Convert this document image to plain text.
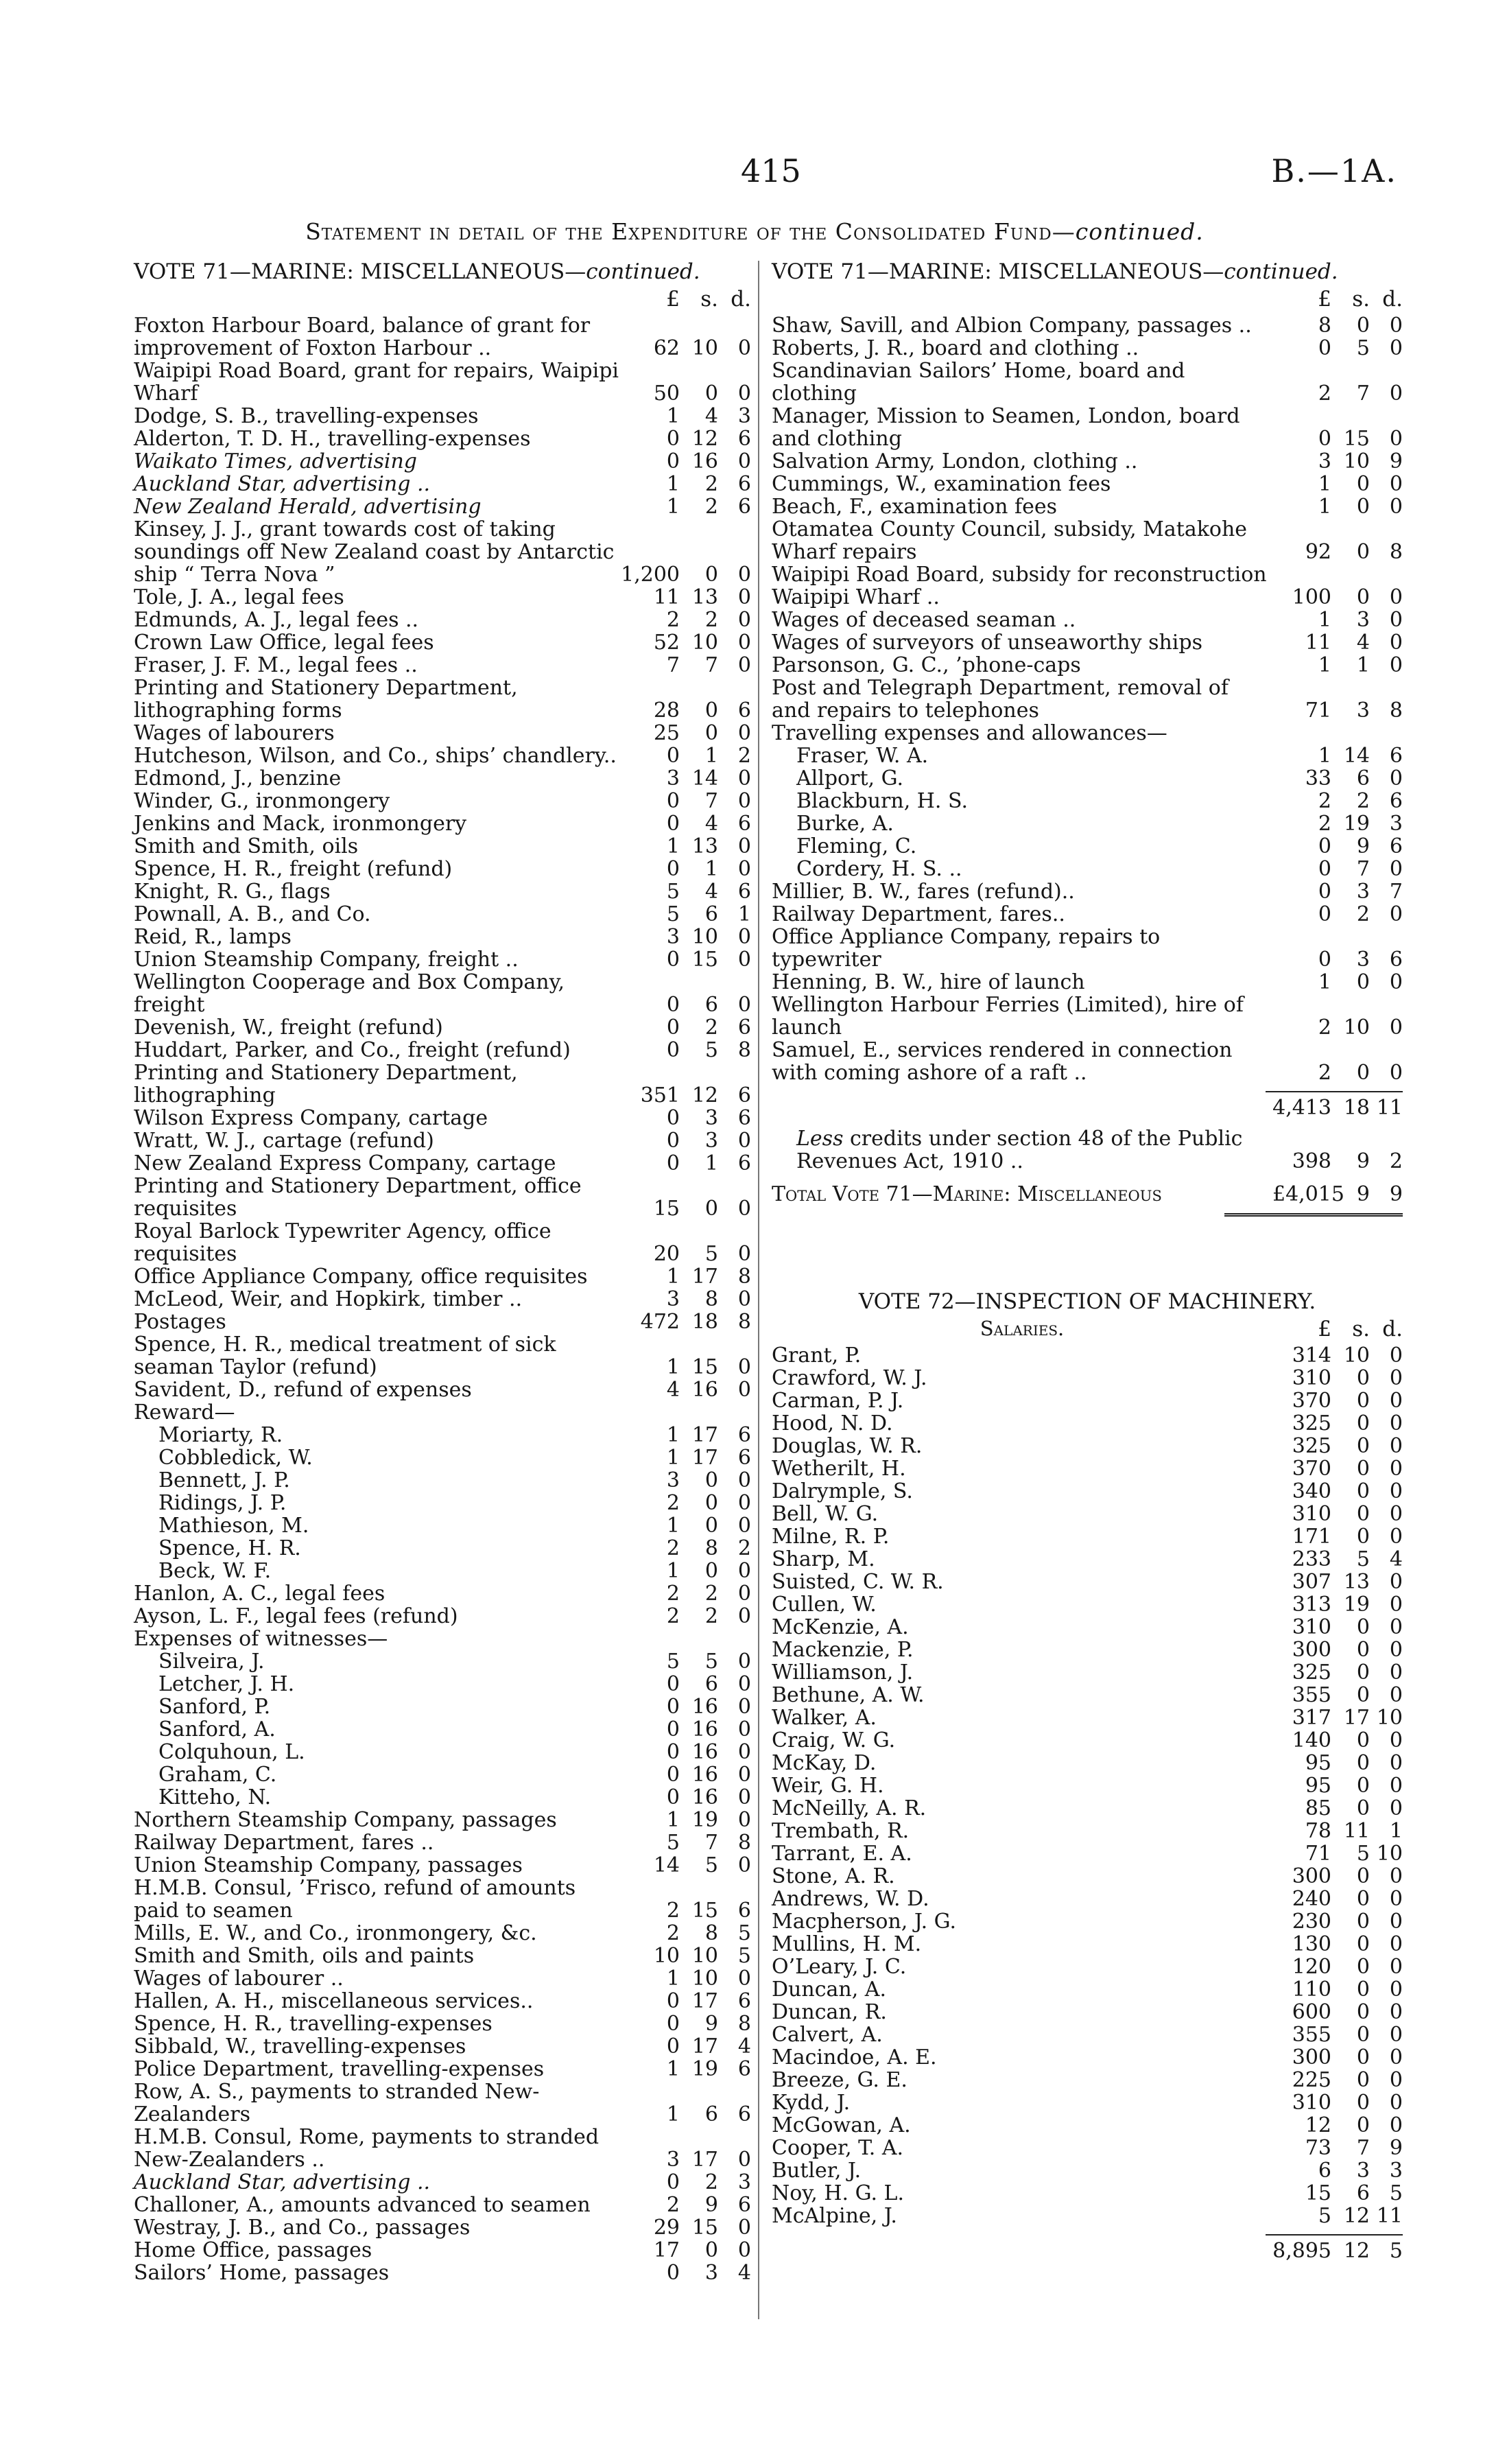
415	B.—1A.
Statement in detail of the Expenditure of the Consolidated Fund—continued.
VOTE 71—MARINE: MISCELLANEOUS—continued.
£ s. d.
Foxton Harbour Board, balance of grant for improvement of Foxton Harbour ..	62 10 0
Waipipi Road Board, grant for repairs, Waipipi Wharf	50	0 0
Dodge, S. B., travelling-expenses	1	4 3
Alderton, T. D. H., travelling-expenses	0 12 6
Waikato Times, advertising	0 16 0
Auckland Star, advertising ..	1	2 6
New Zealand Herald, advertising	1	2 6
Kinsey, J. J., grant towards cost of taking soundings off New Zealand coast by Antarctic ship “ Terra Nova ”	1,200	0 0
Tole, J. A., legal fees	11 13 0
Edmunds, A. J., legal fees ..	2	2 0
Crown Law Office, legal fees	52 10 0
Fraser, J. F. M., legal fees ..	7	7 0
Printing and Stationery Department, lithographing forms	28	0 6
Wages of labourers	25	0 0
Hutcheson, Wilson, and Co., ships’ chandlery..	0	1 2
Edmond, J., benzine	3 14 0
Winder, G., ironmongery	0	7 0
Jenkins and Mack, ironmongery	0	4 6
Smith and Smith, oils	1 13 0
Spence, H. R., freight (refund)	0	1 0
Knight, R. G., flags	5	4 6
Pownall, A. B., and Co.	5	6 1
Reid, R., lamps	3 10 0
Union Steamship Company, freight ..	0 15 0
Wellington Cooperage and Box Company, freight	0	6 0
Devenish, W., freight (refund)	0	2 6
Huddart, Parker, and Co., freight (refund)	0	5 8
Printing and Stationery Department, lithographing	351 12 6
Wilson Express Company, cartage	0	3 6
Wratt, W. J., cartage (refund)	0	3 0
New Zealand Express Company, cartage	0	1 6
Printing and Stationery Department, office requisites	15	0 0
Royal Barlock Typewriter Agency, office requisites	20	5 0
Office Appliance Company, office requisites	1 17 8
McLeod, Weir, and Hopkirk, timber ..	3	8 0
Postages	472 18 8
Spence, H. R., medical treatment of sick seaman Taylor (refund)	1 15 0
Savident, D., refund of expenses	4 16 0
Reward—
Moriarty, R.	1 17 6
Cobbledick, W.	1 17 6
Bennett, J. P.	3	0 0
Ridings, J. P.	2	0 0
Mathieson, M.	1	0 0
Spence, H. R.	2	8 2
Beck, W. F.	1	0 0
Hanlon, A. C., legal fees	2	2 0
Ayson, L. F., legal fees (refund)	2	2 0
Expenses of witnesses—
Silveira, J.	5	5 0
Letcher, J. H.	0	6 0
Sanford, P.	0 16 0
Sanford, A.	0 16 0
Colquhoun, L.	0 16 0
Graham, C.	0 16 0
Kitteho, N.	0 16 0
Northern Steamship Company, passages	1 19 0
Railway Department, fares ..	5	7 8
Union Steamship Company, passages	14	5 0
H.M.B. Consul, ’Frisco, refund of amounts paid to seamen	2 15 6
Mills, E. W., and Co., ironmongery, &c.	2	8 5
Smith and Smith, oils and paints	10 10 5
Wages of labourer ..	1 10 0
Hallen, A. H., miscellaneous services..	0 17 6
Spence, H. R., travelling-expenses	0	9 8
Sibbald, W., travelling-expenses	0 17 4
Police Department, travelling-expenses	1 19 6
Row, A. S., payments to stranded New-Zealanders	1	6 6
H.M.B. Consul, Rome, payments to stranded New-Zealanders ..	3 17 0
Auckland Star, advertising ..	0	2 3
Challoner, A., amounts advanced to seamen	2	9 6
Westray, J. B., and Co., passages	29 15 0
Home Office, passages	17	0 0
Sailors’ Home, passages	0	3 4
VOTE 71—MARINE: MISCELLANEOUS—continued.
£ s. d.
Shaw, Savill, and Albion Company, passages ..	8	0 0
Roberts, J. R., board and clothing ..	0	5 0
Scandinavian Sailors’ Home, board and clothing	2	7 0
Manager, Mission to Seamen, London, board and clothing	0 15 0
Salvation Army, London, clothing ..	3 10 9
Cummings, W., examination fees	1	0 0
Beach, F., examination fees	1	0 0
Otamatea County Council, subsidy, Matakohe Wharf repairs	92	0 8
Waipipi Road Board, subsidy for reconstruction Waipipi Wharf ..	100	0 0
Wages of deceased seaman ..	1	3 0
Wages of surveyors of unseaworthy ships	11	4 0
Parsonson, G. C., ’phone-caps	1	1 0
Post and Telegraph Department, removal of and repairs to telephones	71	3 8
Travelling expenses and allowances—
Fraser, W. A.	1 14 6
Allport, G.	33	6 0
Blackburn, H. S.	2	2 6
Burke, A.	2 19 3
Fleming, C.	0	9 6
Cordery, H. S. ..	0	7 0
Millier, B. W., fares (refund)..	0	3 7
Railway Department, fares..	0	2 0
Office Appliance Company, repairs to typewriter	0	3 6
Henning, B. W., hire of launch	1	0 0
Wellington Harbour Ferries (Limited), hire of launch	2 10 0
Samuel, E., services rendered in connection with coming ashore of a raft ..	2	0 0
4,413 18 11
Less credits under section 48 of the Public Revenues Act, 1910 ..	398	9 2
Total Vote 71—Marine: Miscellaneous	£4,015 9 9
VOTE 72—INSPECTION OF MACHINERY.
Salaries.	£ s. d.
Grant, P.	314 10 0
Crawford, W. J.	310	0 0
Carman, P. J.	370	0 0
Hood, N. D.	325	0 0
Douglas, W. R.	325	0 0
Wetherilt, H.	370	0 0
Dalrymple, S.	340	0 0
Bell, W. G.	310	0 0
Milne, R. P.	171	0 0
Sharp, M.	233	5 4
Suisted, C. W. R.	307 13 0
Cullen, W.	313 19 0
McKenzie, A.	310	0 0
Mackenzie, P.	300	0 0
Williamson, J.	325	0 0
Bethune, A. W.	355	0 0
Walker, A.	317 17 10
Craig, W. G.	140	0 0
McKay, D.	95	0 0
Weir, G. H.	95	0 0
McNeilly, A. R.	85	0 0
Trembath, R.	78 11 1
Tarrant, E. A.	71	5 10
Stone, A. R.	300	0 0
Andrews, W. D.	240	0 0
Macpherson, J. G.	230	0 0
Mullins, H. M.	130	0 0
O’Leary, J. C.	120	0 0
Duncan, A.	110	0 0
Duncan, R.	600	0 0
Calvert, A.	355	0 0
Macindoe, A. E.	300	0 0
Breeze, G. E.	225	0 0
Kydd, J.	310	0 0
McGowan, A.	12	0 0
Cooper, T. A.	73	7 9
Butler, J.	6	3 3
Noy, H. G. L.	15	6 5
McAlpine, J.	5 12 11
8,895 12 5
